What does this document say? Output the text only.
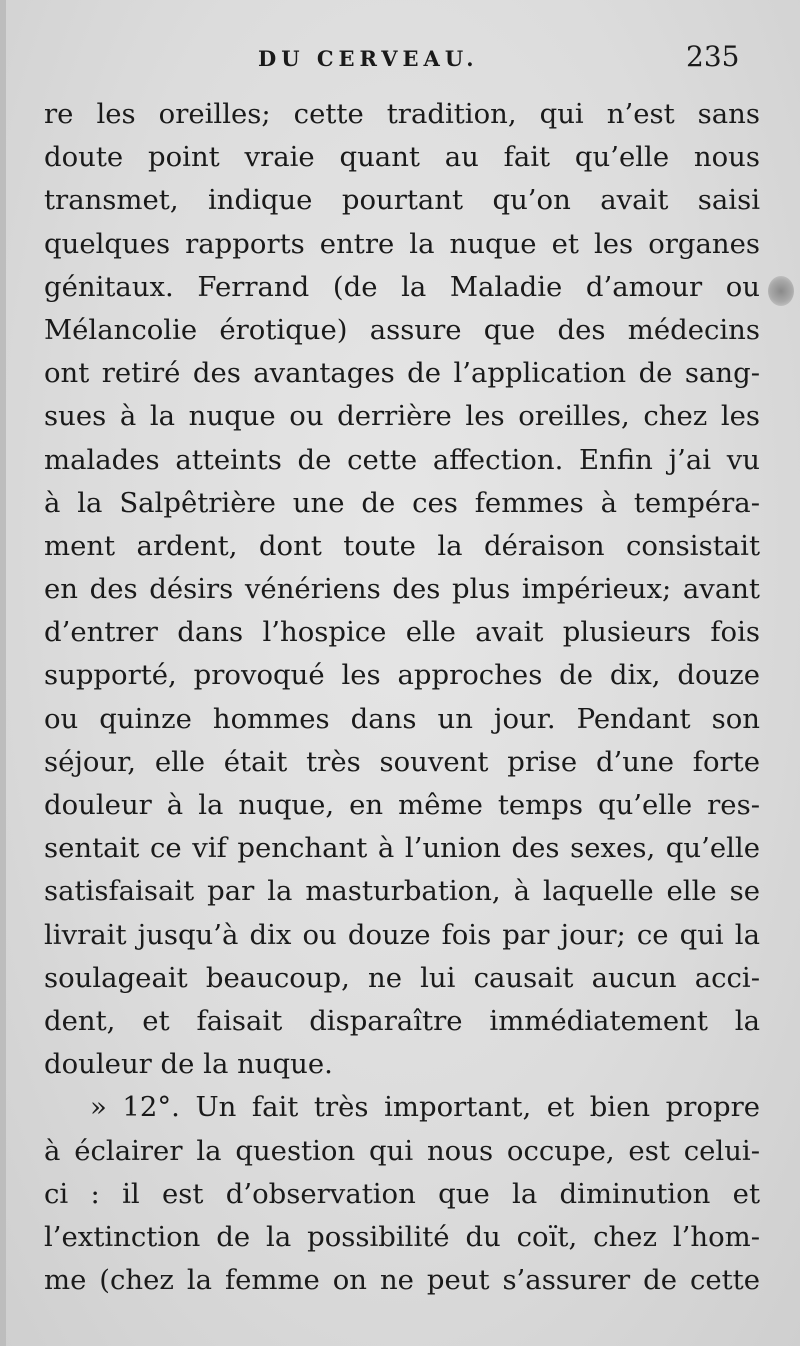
DU CERVEAU.	235
re les oreilles; cette tradition, qui n’est sans
doute point vraie quant au fait qu’elle nous
transmet, indique pourtant qu’on avait saisi
quelques rapports entre la nuque et les organes
génitaux. Ferrand (de la Maladie d’amour ou
Mélancolie érotique) assure que des médecins
ont retiré des avantages de l’application de sang-
sues à la nuque ou derrière les oreilles, chez les
malades atteints de cette affection. Enfin j’ai vu
à la Salpêtrière une de ces femmes à tempéra-
ment ardent, dont toute la déraison consistait
en des désirs vénériens des plus impérieux; avant
d’entrer dans l’hospice elle avait plusieurs fois
supporté, provoqué les approches de dix, douze
ou quinze hommes dans un jour. Pendant son
séjour, elle était très souvent prise d’une forte
douleur à la nuque, en même temps qu’elle res-
sentait ce vif penchant à l’union des sexes, qu’elle
satisfaisait par la masturbation, à laquelle elle se
livrait jusqu’à dix ou douze fois par jour; ce qui la
soulageait beaucoup, ne lui causait aucun acci-
dent, et faisait disparaître immédiatement la
douleur de la nuque.
» 12°. Un fait très important, et bien propre
à éclairer la question qui nous occupe, est celui-
ci : il est d’observation que la diminution et
l’extinction de la possibilité du coït, chez l’hom-
me (chez la femme on ne peut s’assurer de cette
